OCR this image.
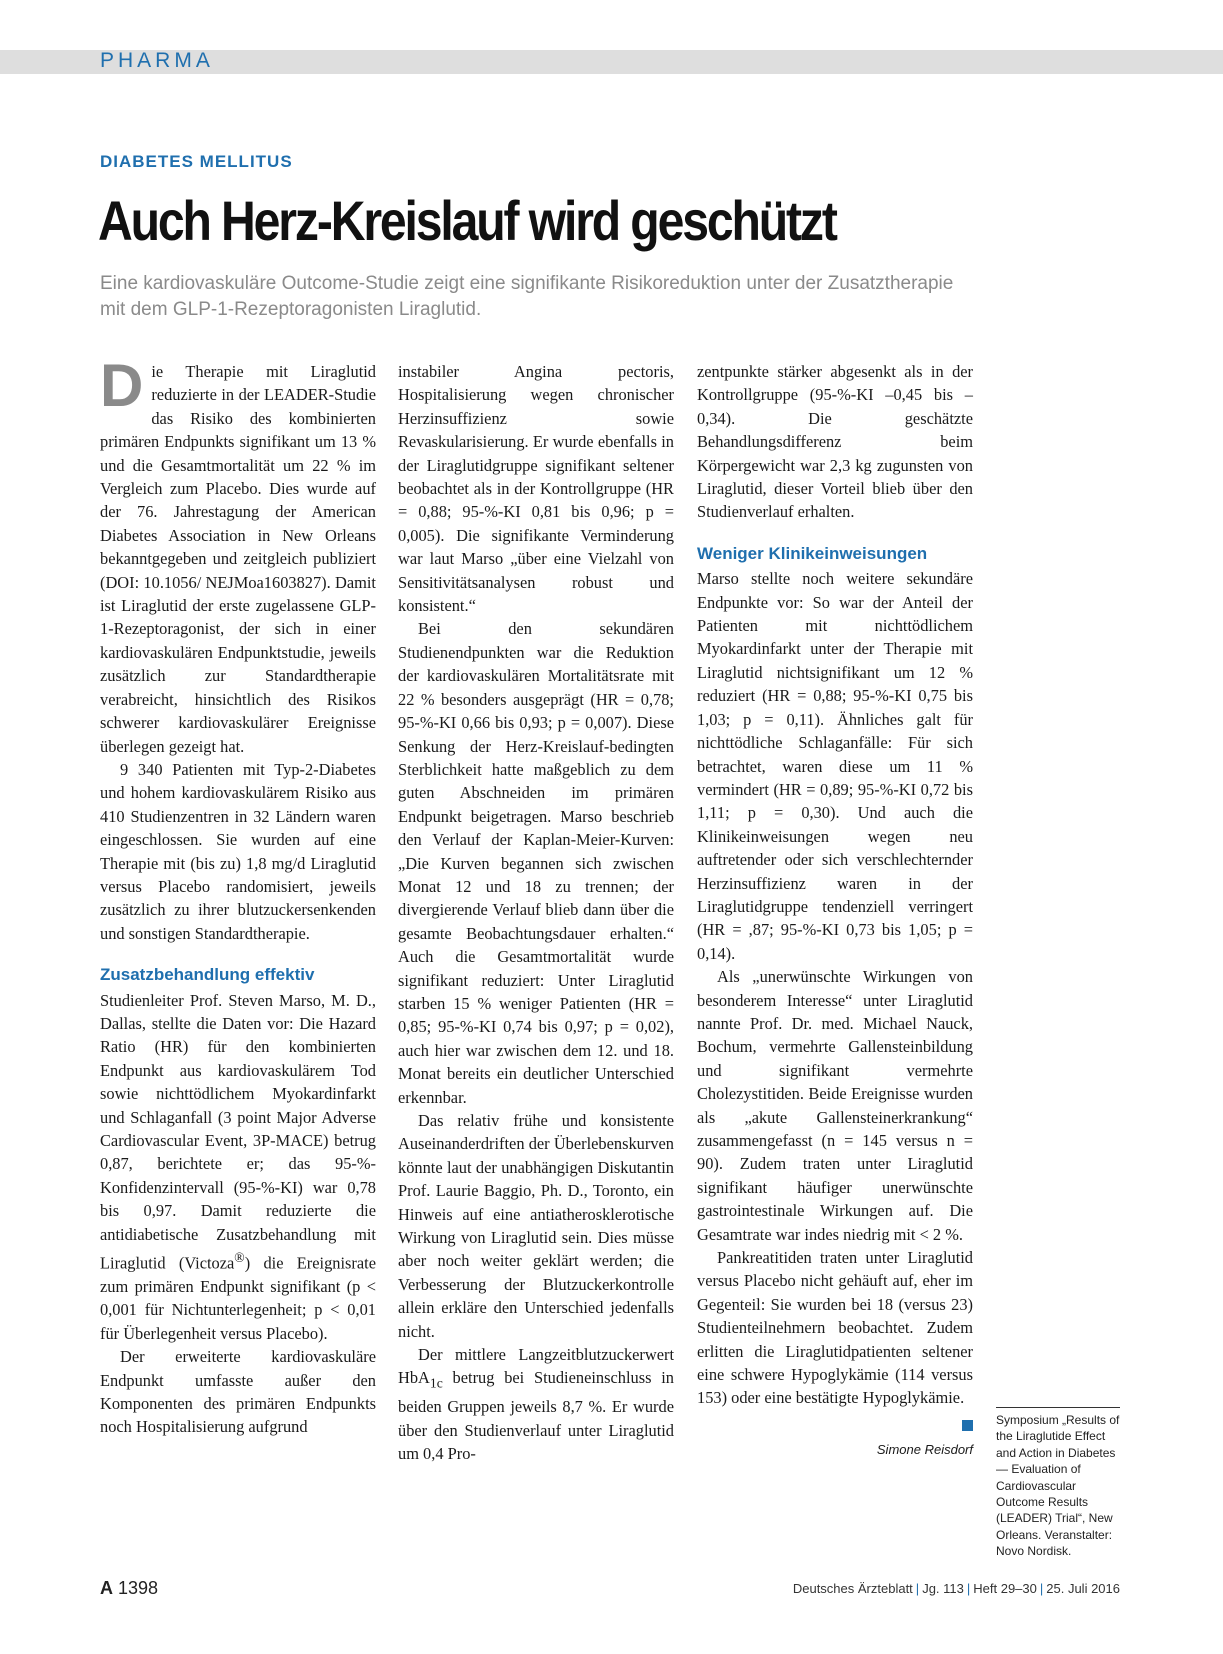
PHARMA
DIABETES MELLITUS
Auch Herz-Kreislauf wird geschützt

Eine kardiovaskuläre Outcome-Studie zeigt eine signifikante Risikoreduktion unter der Zusatztherapie mit dem GLP-1-Rezeptoragonisten Liraglutid.

Die Therapie mit Liraglutid reduzierte in der LEADER-Studie das Risiko des kombinierten primären Endpunkts signifikant um 13 % und die Gesamtmortalität um 22 % im Vergleich zum Placebo. Dies wurde auf der 76. Jahrestagung der American Diabetes Association in New Orleans bekanntgegeben und zeitgleich publiziert (DOI: 10.1056/ NEJMoa1603827). Damit ist Liraglutid der erste zugelassene GLP-1-Rezeptoragonist, der sich in einer kardiovaskulären Endpunktstudie, jeweils zusätzlich zur Standardtherapie verabreicht, hinsichtlich des Risikos schwerer kardiovaskulärer Ereignisse überlegen gezeigt hat.

9 340 Patienten mit Typ-2-Diabetes und hohem kardiovaskulärem Risiko aus 410 Studienzentren in 32 Ländern waren eingeschlossen. Sie wurden auf eine Therapie mit (bis zu) 1,8 mg/d Liraglutid versus Placebo randomisiert, jeweils zusätzlich zu ihrer blutzuckersenkenden und sonstigen Standardtherapie.

Zusatzbehandlung effektiv

Studienleiter Prof. Steven Marso, M. D., Dallas, stellte die Daten vor: Die Hazard Ratio (HR) für den kombinierten Endpunkt aus kardiovaskulärem Tod sowie nichttödlichem Myokardinfarkt und Schlaganfall (3 point Major Adverse Cardiovascular Event, 3P-MACE) betrug 0,87, berichtete er; das 95-%-Konfidenzintervall (95-%-KI) war 0,78 bis 0,97. Damit reduzierte die antidiabetische Zusatzbehandlung mit Liraglutid (Victoza®) die Ereignisrate zum primären Endpunkt signifikant (p < 0,001 für Nichtunterlegenheit; p < 0,01 für Überlegenheit versus Placebo).

Der erweiterte kardiovaskuläre Endpunkt umfasste außer den Komponenten des primären Endpunkts noch Hospitalisierung aufgrund

instabiler Angina pectoris, Hospitalisierung wegen chronischer Herzinsuffizienz sowie Revaskularisierung. Er wurde ebenfalls in der Liraglutidgruppe signifikant seltener beobachtet als in der Kontrollgruppe (HR = 0,88; 95-%-KI 0,81 bis 0,96; p = 0,005). Die signifikante Verminderung war laut Marso „über eine Vielzahl von Sensitivitätsanalysen robust und konsistent.“

Bei den sekundären Studienendpunkten war die Reduktion der kardiovaskulären Mortalitätsrate mit 22 % besonders ausgeprägt (HR = 0,78; 95-%-KI 0,66 bis 0,93; p = 0,007). Diese Senkung der Herz-Kreislauf-bedingten Sterblichkeit hatte maßgeblich zu dem guten Abschneiden im primären Endpunkt beigetragen. Marso beschrieb den Verlauf der Kaplan-Meier-Kurven: „Die Kurven begannen sich zwischen Monat 12 und 18 zu trennen; der divergierende Verlauf blieb dann über die gesamte Beobachtungsdauer erhalten.“ Auch die Gesamtmortalität wurde signifikant reduziert: Unter Liraglutid starben 15 % weniger Patienten (HR = 0,85; 95-%-KI 0,74 bis 0,97; p = 0,02), auch hier war zwischen dem 12. und 18. Monat bereits ein deutlicher Unterschied erkennbar.

Das relativ frühe und konsistente Auseinanderdriften der Überlebenskurven könnte laut der unabhängigen Diskutantin Prof. Laurie Baggio, Ph. D., Toronto, ein Hinweis auf eine antiatherosklerotische Wirkung von Liraglutid sein. Dies müsse aber noch weiter geklärt werden; die Verbesserung der Blutzuckerkontrolle allein erkläre den Unterschied jedenfalls nicht.

Der mittlere Langzeitblutzuckerwert HbA$_{1c}$ betrug bei Studieneinschluss in beiden Gruppen jeweils 8,7 %. Er wurde über den Studienverlauf unter Liraglutid um 0,4 Pro-

zentpunkte stärker abgesenkt als in der Kontrollgruppe (95-%-KI –0,45 bis –0,34). Die geschätzte Behandlungsdifferenz beim Körpergewicht war 2,3 kg zugunsten von Liraglutid, dieser Vorteil blieb über den Studienverlauf erhalten.

Weniger Klinikeinweisungen

Marso stellte noch weitere sekundäre Endpunkte vor: So war der Anteil der Patienten mit nichttödlichem Myokardinfarkt unter der Therapie mit Liraglutid nichtsignifikant um 12 % reduziert (HR = 0,88; 95-%-KI 0,75 bis 1,03; p = 0,11). Ähnliches galt für nichttödliche Schlaganfälle: Für sich betrachtet, waren diese um 11 % vermindert (HR = 0,89; 95-%-KI 0,72 bis 1,11; p = 0,30). Und auch die Klinikeinweisungen wegen neu auftretender oder sich verschlechternder Herzinsuffizienz waren in der Liraglutidgruppe tendenziell verringert (HR = ,87; 95-%-KI 0,73 bis 1,05; p = 0,14).

Als „unerwünschte Wirkungen von besonderem Interesse“ unter Liraglutid nannte Prof. Dr. med. Michael Nauck, Bochum, vermehrte Gallensteinbildung und signifikant vermehrte Cholezystitiden. Beide Ereignisse wurden als „akute Gallensteinerkrankung“ zusammengefasst (n = 145 versus n = 90). Zudem traten unter Liraglutid signifikant häufiger unerwünschte gastrointestinale Wirkungen auf. Die Gesamtrate war indes niedrig mit < 2 %.

Pankreatitiden traten unter Liraglutid versus Placebo nicht gehäuft auf, eher im Gegenteil: Sie wurden bei 18 (versus 23) Studienteilnehmern beobachtet. Zudem erlitten die Liraglutidpatienten seltener eine schwere Hypoglykämie (114 versus 153) oder eine bestätigte Hypoglykämie.

Simone Reisdorf
Symposium „Results of the Liraglutide Effect and Action in Diabetes — Evaluation of Cardiovascular Outcome Results (LEADER) Trial“, New Orleans. Veranstalter: Novo Nordisk.
A 1398	Deutsches Ärzteblatt | Jg. 113 | Heft 29–30 | 25. Juli 2016
